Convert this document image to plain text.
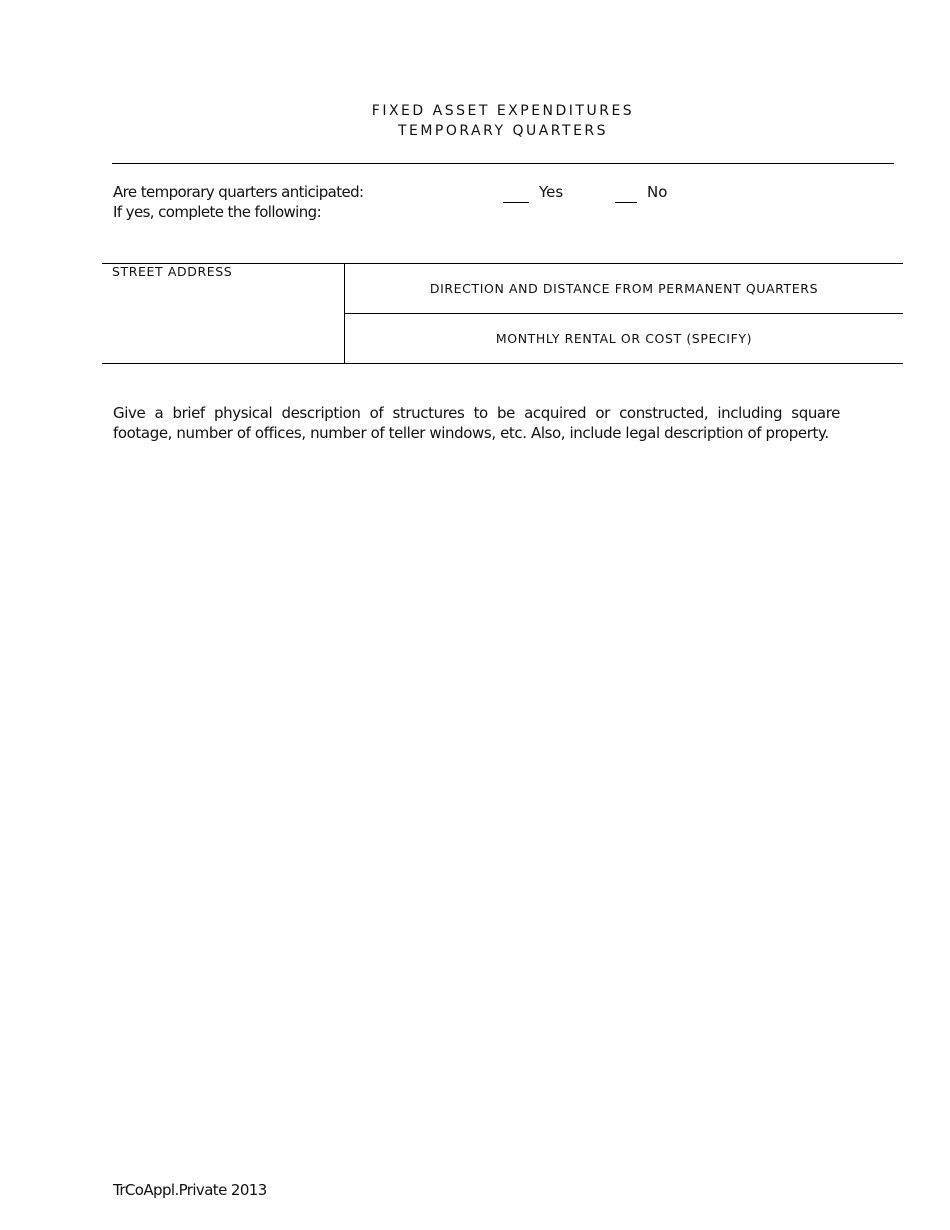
FIXED ASSET EXPENDITURES
TEMPORARY QUARTERS
Are temporary quarters anticipated:
If yes, complete the following:
Yes	No
STREET ADDRESS	DIRECTION AND DISTANCE FROM PERMANENT QUARTERS
MONTHLY RENTAL OR COST (SPECIFY)
Give a brief physical description of structures to be acquired or constructed, including square footage, number of offices, number of teller windows, etc. Also, include legal description of property.
TrCoAppl.Private 2013
